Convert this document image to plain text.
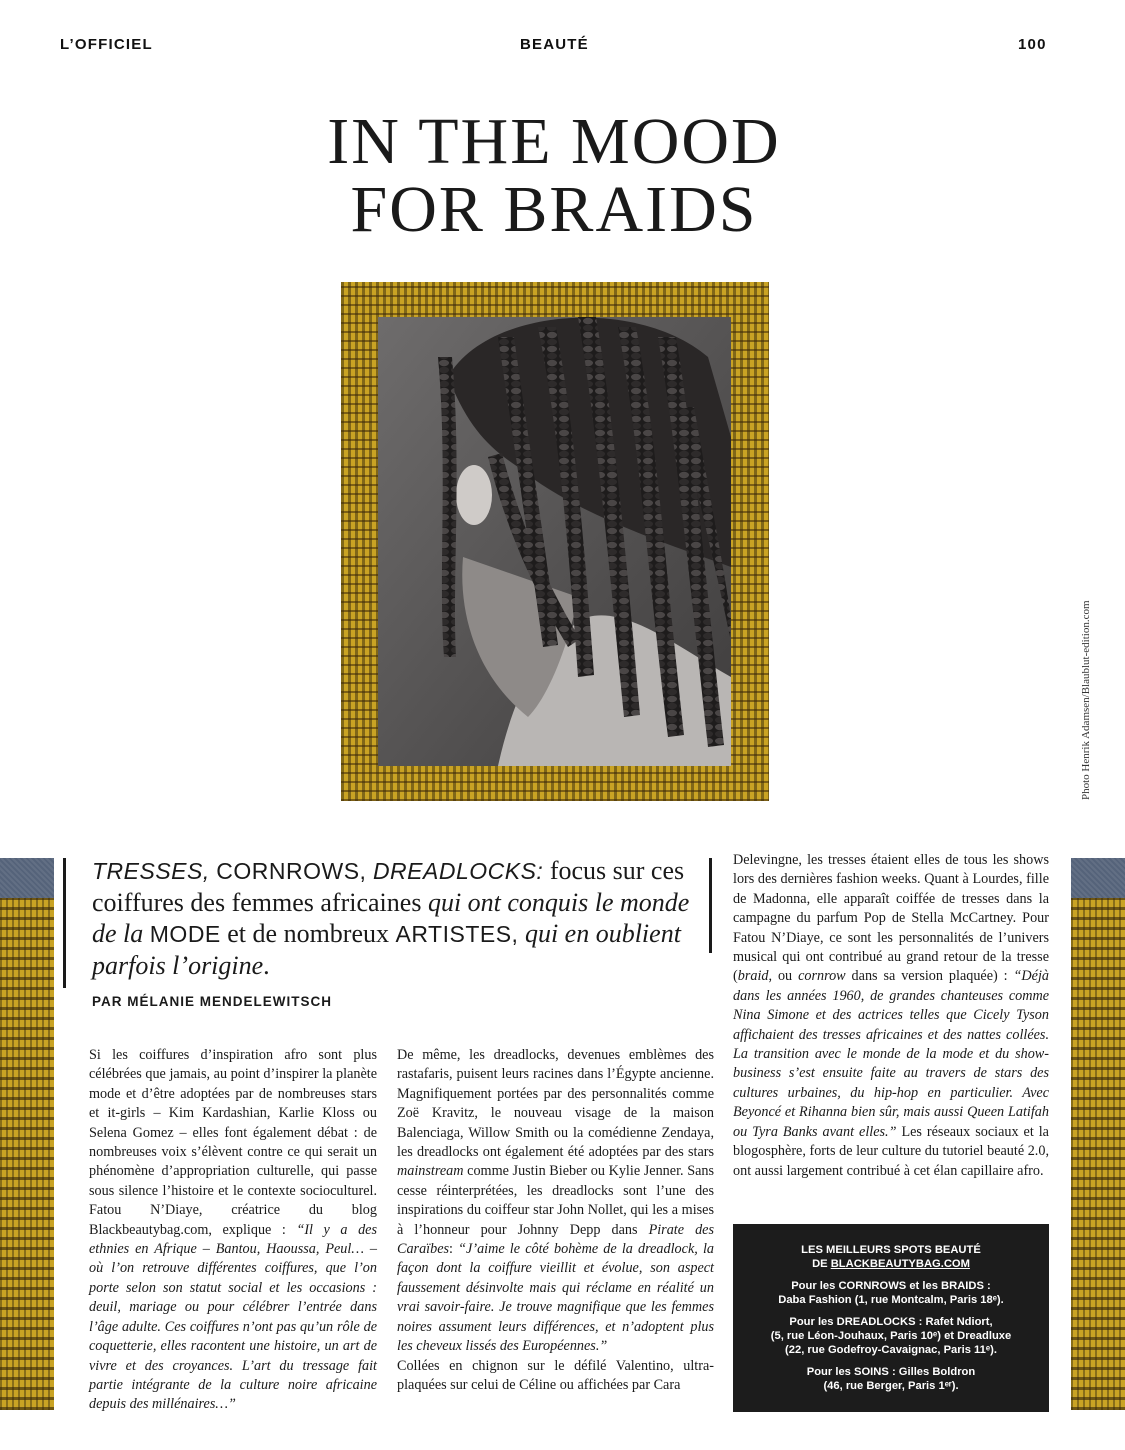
L’OFFICIEL	BEAUTÉ	100
IN THE MOOD
FOR BRAIDS
Photo Henrik Adamsen/Blaublut-edition.com
TRESSES, CORNROWS, DREADLOCKS: focus sur ces coiffures des femmes africaines qui ont conquis le monde de la MODE et de nombreux ARTISTES, qui en oublient parfois l’origine.
PAR MÉLANIE MENDELEWITSCH

Si les coiffures d’inspiration afro sont plus célébrées que jamais, au point d’inspirer la planète mode et d’être adoptées par de nombreuses stars et it-girls – Kim Kardashian, Karlie Kloss ou Selena Gomez – elles font également débat : de nombreuses voix s’élèvent contre ce qui serait un phénomène d’appropriation culturelle, qui passe sous silence l’histoire et le contexte socioculturel. Fatou N’Diaye, créatrice du blog Blackbeautybag.com, explique : “Il y a des ethnies en Afrique – Bantou, Haoussa, Peul… – où l’on retrouve différentes coiffures, que l’on porte selon son statut social et les occasions : deuil, mariage ou pour célébrer l’entrée dans l’âge adulte. Ces coiffures n’ont pas qu’un rôle de coquetterie, elles racontent une histoire, un art de vivre et des croyances. L’art du tressage fait partie intégrante de la culture noire africaine depuis des millénaires…”

De même, les dreadlocks, devenues emblèmes des rastafaris, puisent leurs racines dans l’Égypte ancienne. Magnifiquement portées par des personnalités comme Zoë Kravitz, le nouveau visage de la maison Balenciaga, Willow Smith ou la comédienne Zendaya, les dreadlocks ont également été adoptées par des stars mainstream comme Justin Bieber ou Kylie Jenner. Sans cesse réinterprétées, les dreadlocks sont l’une des inspirations du coiffeur star John Nollet, qui les a mises à l’honneur pour Johnny Depp dans Pirate des Caraïbes: “J’aime le côté bohème de la dreadlock, la façon dont la coiffure vieillit et évolue, son aspect faussement désinvolte mais qui réclame en réalité un vrai savoir-faire. Je trouve magnifique que les femmes noires assument leurs différences, et n’adoptent plus les cheveux lissés des Européennes.”

Collées en chignon sur le défilé Valentino, ultra-plaquées sur celui de Céline ou affichées par Cara

Delevingne, les tresses étaient elles de tous les shows lors des dernières fashion weeks. Quant à Lourdes, fille de Madonna, elle apparaît coiffée de tresses dans la campagne du parfum Pop de Stella McCartney. Pour Fatou N’Diaye, ce sont les personnalités de l’univers musical qui ont contribué au grand retour de la tresse (braid, ou cornrow dans sa version plaquée) : “Déjà dans les années 1960, de grandes chanteuses comme Nina Simone et des actrices telles que Cicely Tyson affichaient des tresses africaines et des nattes collées. La transition avec le monde de la mode et du show-business s’est ensuite faite au travers de stars des cultures urbaines, du hip-hop en particulier. Avec Beyoncé et Rihanna bien sûr, mais aussi Queen Latifah ou Tyra Banks avant elles.” Les réseaux sociaux et la blogosphère, forts de leur culture du tutoriel beauté 2.0, ont aussi largement contribué à cet élan capillaire afro.

LES MEILLEURS SPOTS BEAUTÉ
DE BLACKBEAUTYBAG.COM
Pour les CORNROWS et les BRAIDS :
Daba Fashion (1, rue Montcalm, Paris 18ᵉ).
Pour les DREADLOCKS : Rafet Ndiort,
(5, rue Léon-Jouhaux, Paris 10ᵉ) et Dreadluxe
(22, rue Godefroy-Cavaignac, Paris 11ᵉ).
Pour les SOINS : Gilles Boldron
(46, rue Berger, Paris 1ᵉʳ).
